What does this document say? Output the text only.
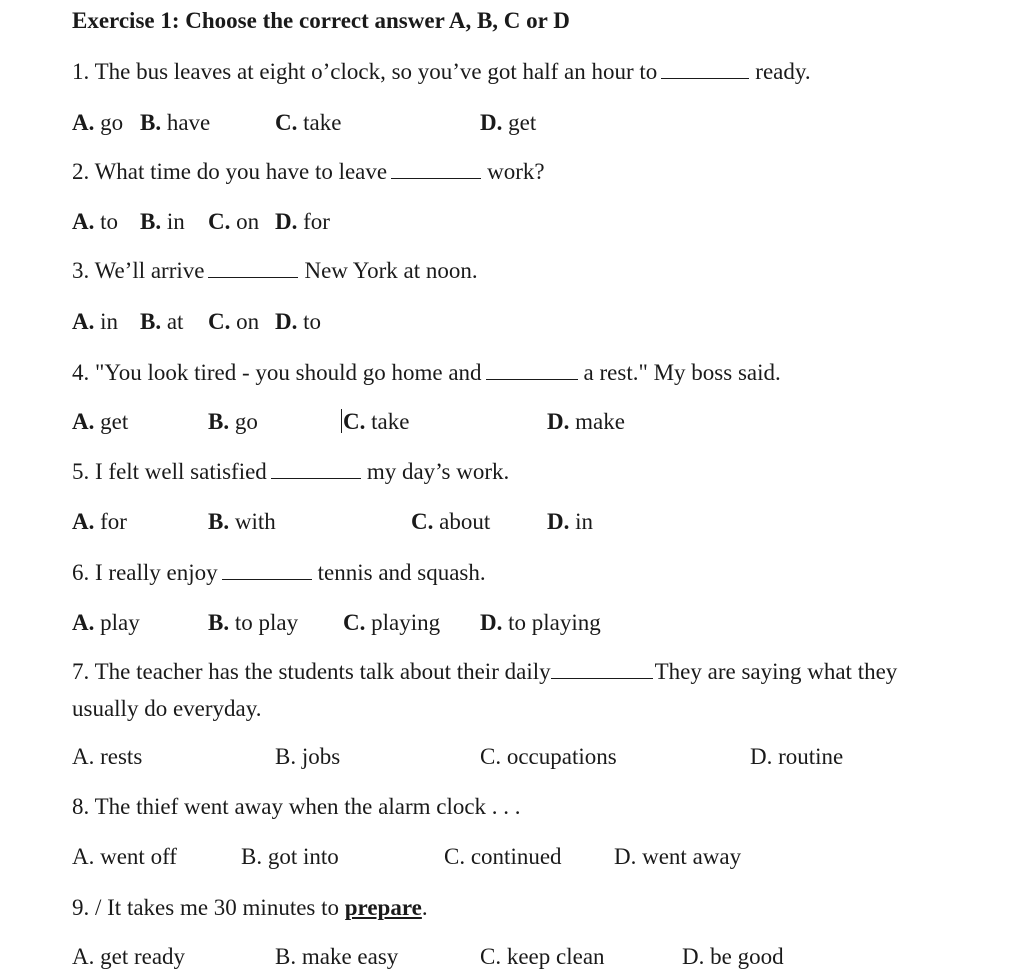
Exercise 1: Choose the correct answer A, B, C or D
1. The bus leaves at eight o’clock, so you’ve got half an hour to	ready.
A. go B. have	C. take	D. get
2. What time do you have to leave	work?
A. to B. in C. on D. for
3. We’ll arrive	New York at noon.
A. in B. at C. on D. to
4. "You look tired - you should go home and	a rest." My boss said.
A. get	B. go	C. take	D. make
5. I felt well satisfied	my day’s work.
A. for	B. with	C. about D. in
6. I really enjoy	tennis and squash.
A. play	B. to play C. playing D. to playing
7. The teacher has the students talk about their daily	They are saying what they
usually do everyday.
A. rests	B. jobs	C. occupations	D. routine
8. The thief went away when the alarm clock . . .
A. went off	B. got into	C. continued D. went away
9. / It takes me 30 minutes to prepare.
A. get ready	B. make easy	C. keep clean	D. be good
